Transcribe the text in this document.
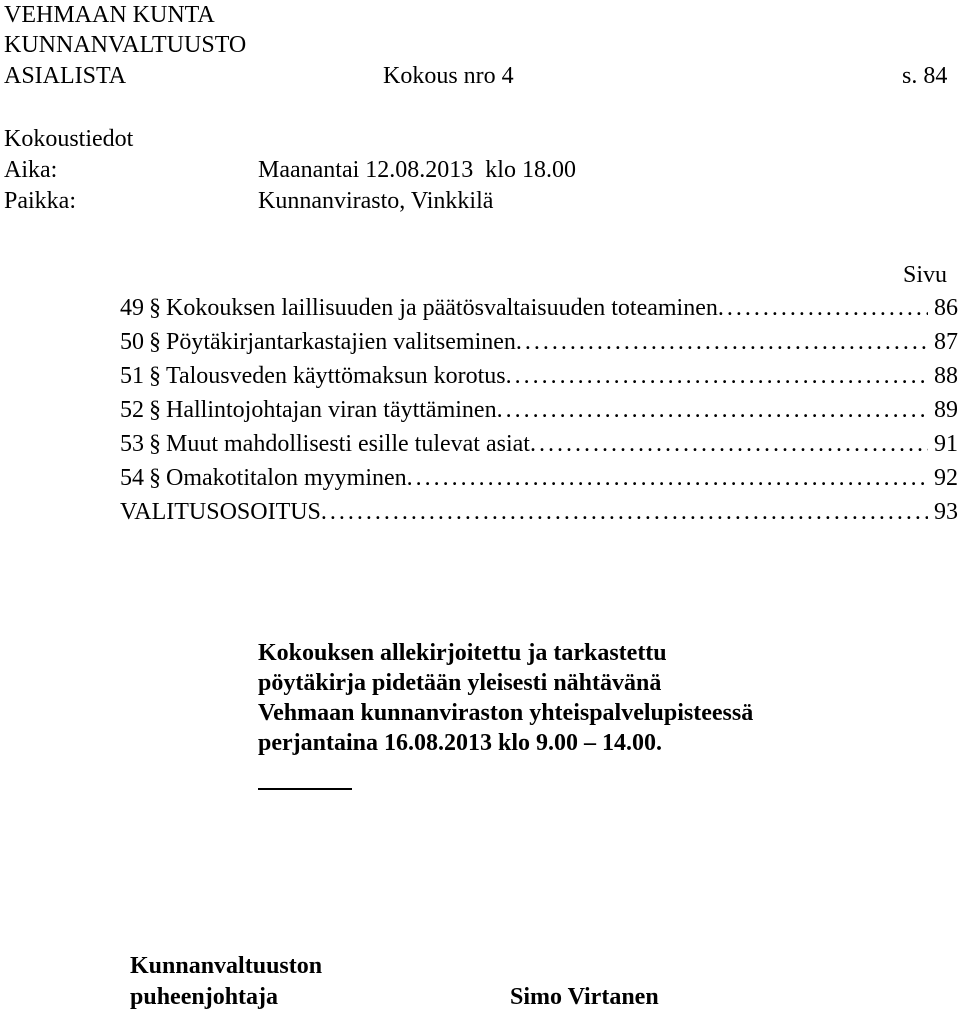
VEHMAAN KUNTA
KUNNANVALTUUSTO
ASIALISTA	Kokous nro 4	s. 84
Kokoustiedot
Aika:	Maanantai 12.08.2013  klo 18.00
Paikka:	Kunnanvirasto, Vinkkilä
Sivu
49 § Kokouksen laillisuuden ja päätösvaltaisuuden toteaminen . . .	86
50 § Pöytäkirjantarkastajien valitseminen . . .	87
51 § Talousveden käyttömaksun korotus . . .	88
52 § Hallintojohtajan viran täyttäminen . . .	89
53 § Muut mahdollisesti esille tulevat asiat . . .	91
54 § Omakotitalon myyminen . . .	92
VALITUSOSOITUS . . .	93
Kokouksen allekirjoitettu ja tarkastettu
pöytäkirja pidetään yleisesti nähtävänä
Vehmaan kunnanviraston yhteispalvelupisteessä
perjantaina 16.08.2013 klo 9.00 – 14.00.
Kunnanvaltuuston
puheenjohtaja	Simo Virtanen
